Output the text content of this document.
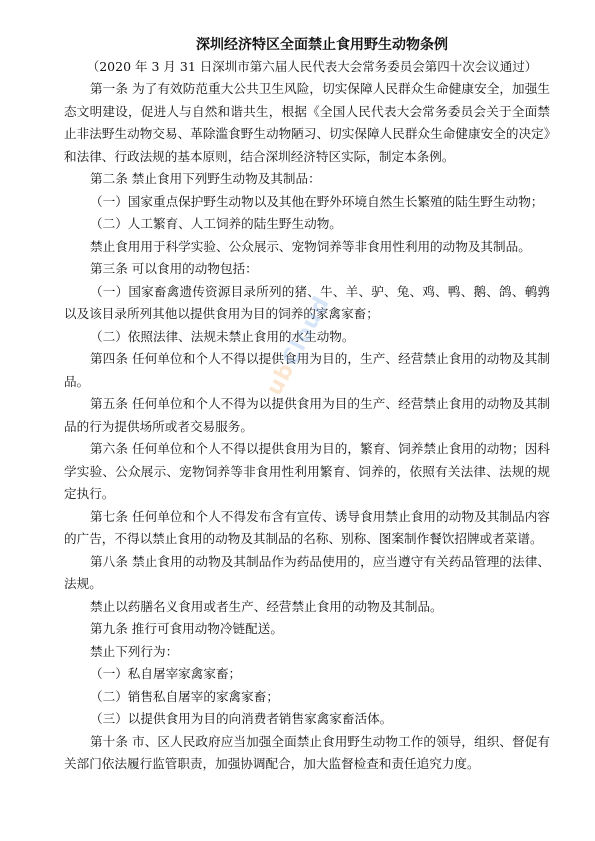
深圳经济特区全面禁止食用野生动物条例

（2020 年 3 月 31 日深圳市第六届人民代表大会常务委员会第四十次会议通过）

第一条 为了有效防范重大公共卫生风险，切实保障人民群众生命健康安全，加强生态文明建设，促进人与自然和谐共生，根据《全国人民代表大会常务委员会关于全面禁止非法野生动物交易、革除滥食野生动物陋习、切实保障人民群众生命健康安全的决定》和法律、行政法规的基本原则，结合深圳经济特区实际，制定本条例。

第二条 禁止食用下列野生动物及其制品：

（一）国家重点保护野生动物以及其他在野外环境自然生长繁殖的陆生野生动物；

（二）人工繁育、人工饲养的陆生野生动物。

禁止食用用于科学实验、公众展示、宠物饲养等非食用性利用的动物及其制品。

第三条 可以食用的动物包括：

（一）国家畜禽遗传资源目录所列的猪、牛、羊、驴、兔、鸡、鸭、鹅、鸽、鹌鹑以及该目录所列其他以提供食用为目的饲养的家禽家畜；

（二）依照法律、法规未禁止食用的水生动物。

第四条 任何单位和个人不得以提供食用为目的，生产、经营禁止食用的动物及其制品。

第五条 任何单位和个人不得为以提供食用为目的生产、经营禁止食用的动物及其制品的行为提供场所或者交易服务。

第六条 任何单位和个人不得以提供食用为目的，繁育、饲养禁止食用的动物；因科学实验、公众展示、宠物饲养等非食用性利用繁育、饲养的，依照有关法律、法规的规定执行。

第七条 任何单位和个人不得发布含有宣传、诱导食用禁止食用的动物及其制品内容的广告，不得以禁止食用的动物及其制品的名称、别称、图案制作餐饮招牌或者菜谱。

第八条 禁止食用的动物及其制品作为药品使用的，应当遵守有关药品管理的法律、法规。

禁止以药膳名义食用或者生产、经营禁止食用的动物及其制品。

第九条 推行可食用动物冷链配送。

禁止下列行为：

（一）私自屠宰家禽家畜；

（二）销售私自屠宰的家禽家畜；

（三）以提供食用为目的向消费者销售家禽家畜活体。

第十条 市、区人民政府应当加强全面禁止食用野生动物工作的领导，组织、督促有关部门依法履行监管职责，加强协调配合，加大监督检查和责任追究力度。

ubCloud
